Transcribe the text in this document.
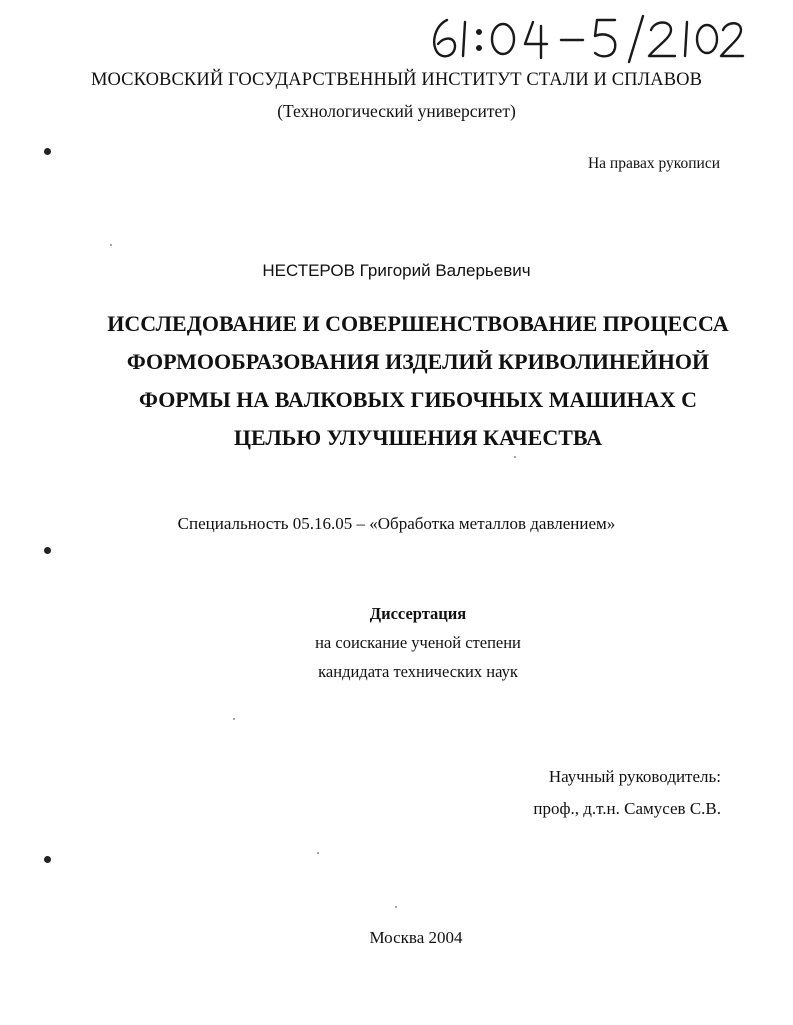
МОСКОВСКИЙ ГОСУДАРСТВЕННЫЙ ИНСТИТУТ СТАЛИ И СПЛАВОВ
(Технологический университет)
На правах рукописи
НЕСТЕРОВ Григорий Валерьевич
ИССЛЕДОВАНИЕ И СОВЕРШЕНСТВОВАНИЕ ПРОЦЕССА
ФОРМООБРАЗОВАНИЯ ИЗДЕЛИЙ КРИВОЛИНЕЙНОЙ
ФОРМЫ НА ВАЛКОВЫХ ГИБОЧНЫХ МАШИНАХ С
ЦЕЛЬЮ УЛУЧШЕНИЯ КАЧЕСТВА
Специальность 05.16.05 – «Обработка металлов давлением»
Диссертация
на соискание ученой степени
кандидата технических наук
Научный руководитель:
проф., д.т.н. Самусев С.В.
Москва 2004
